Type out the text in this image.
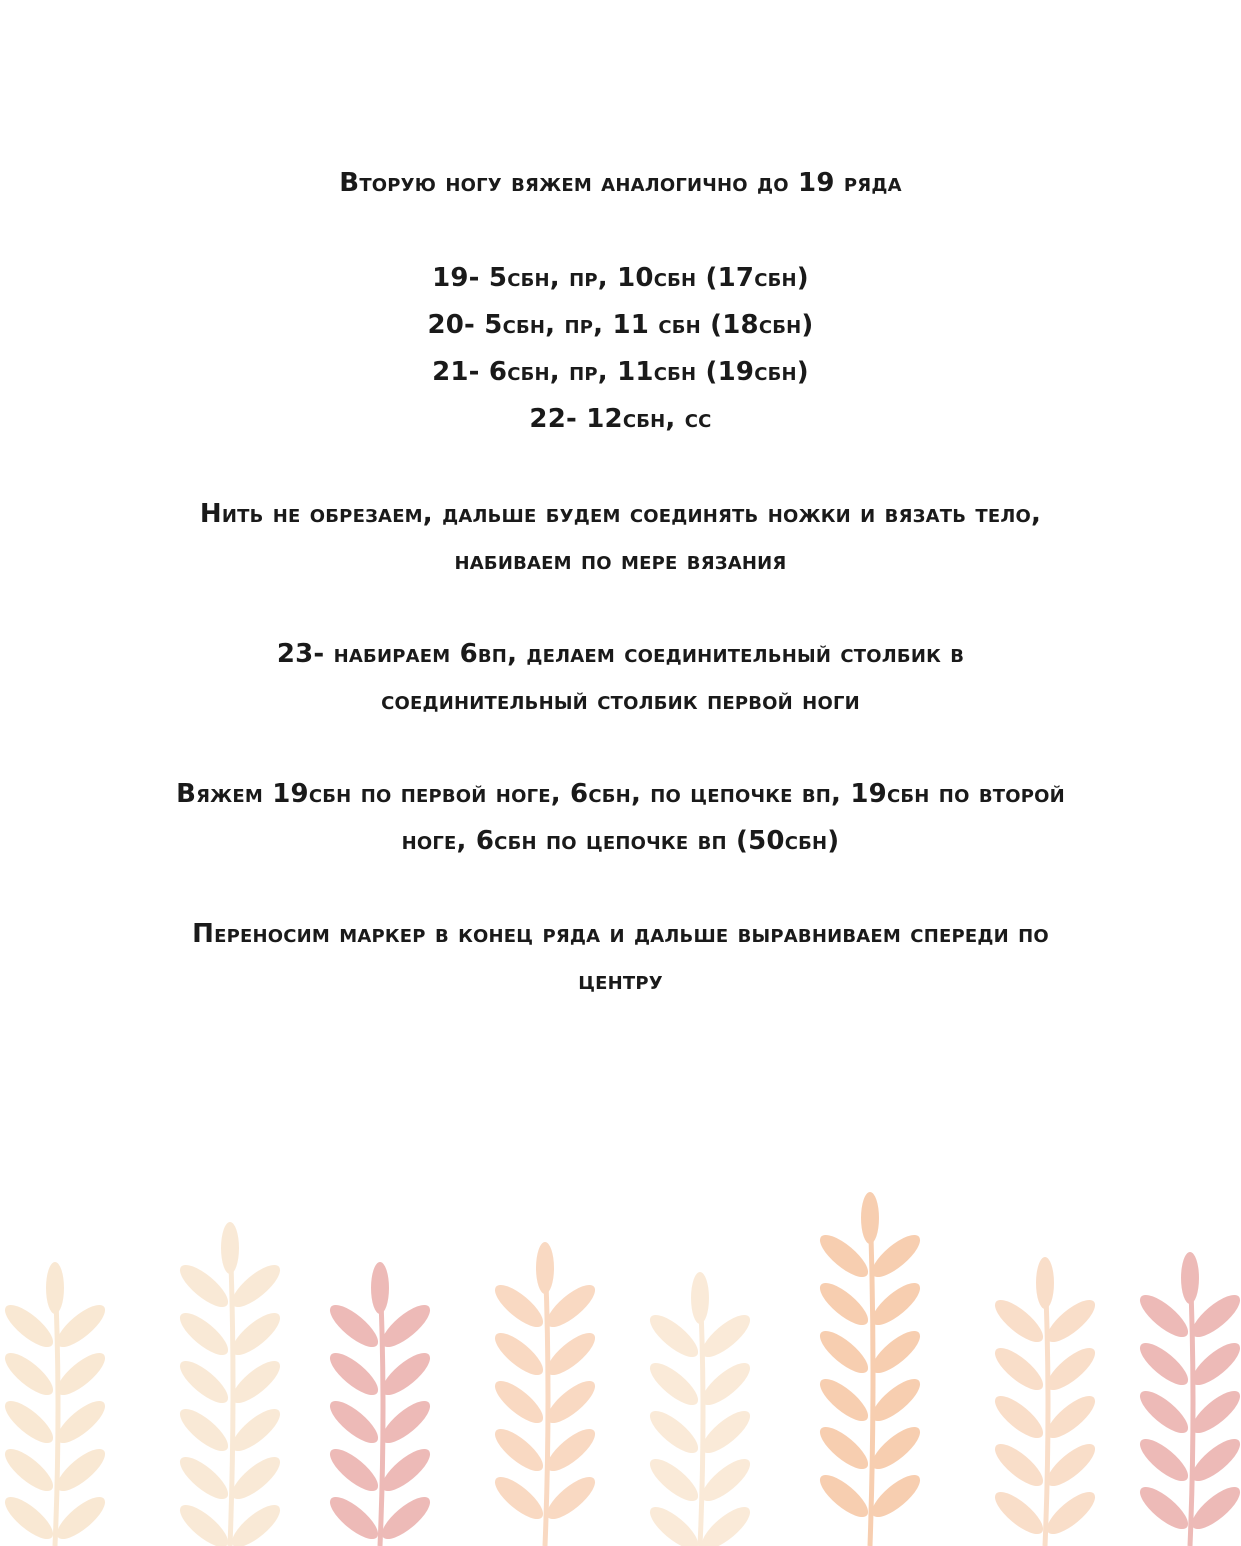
Вторую ногу вяжем аналогично до 19 ряда

19- 5сбн, пр, 10сбн (17сбн)

20- 5сбн, пр, 11 сбн (18сбн)

21- 6сбн, пр, 11сбн (19сбн)

22- 12сбн, сс

Нить не обрезаем, дальше будем соединять ножки и вязать тело,

набиваем по мере вязания

23- набираем 6вп, делаем соединительный столбик в

соединительный столбик первой ноги

Вяжем 19сбн по первой ноге, 6сбн, по цепочке вп, 19сбн по второй

ноге, 6сбн по цепочке вп (50сбн)

Переносим маркер в конец ряда и дальше выравниваем спереди по

центру
